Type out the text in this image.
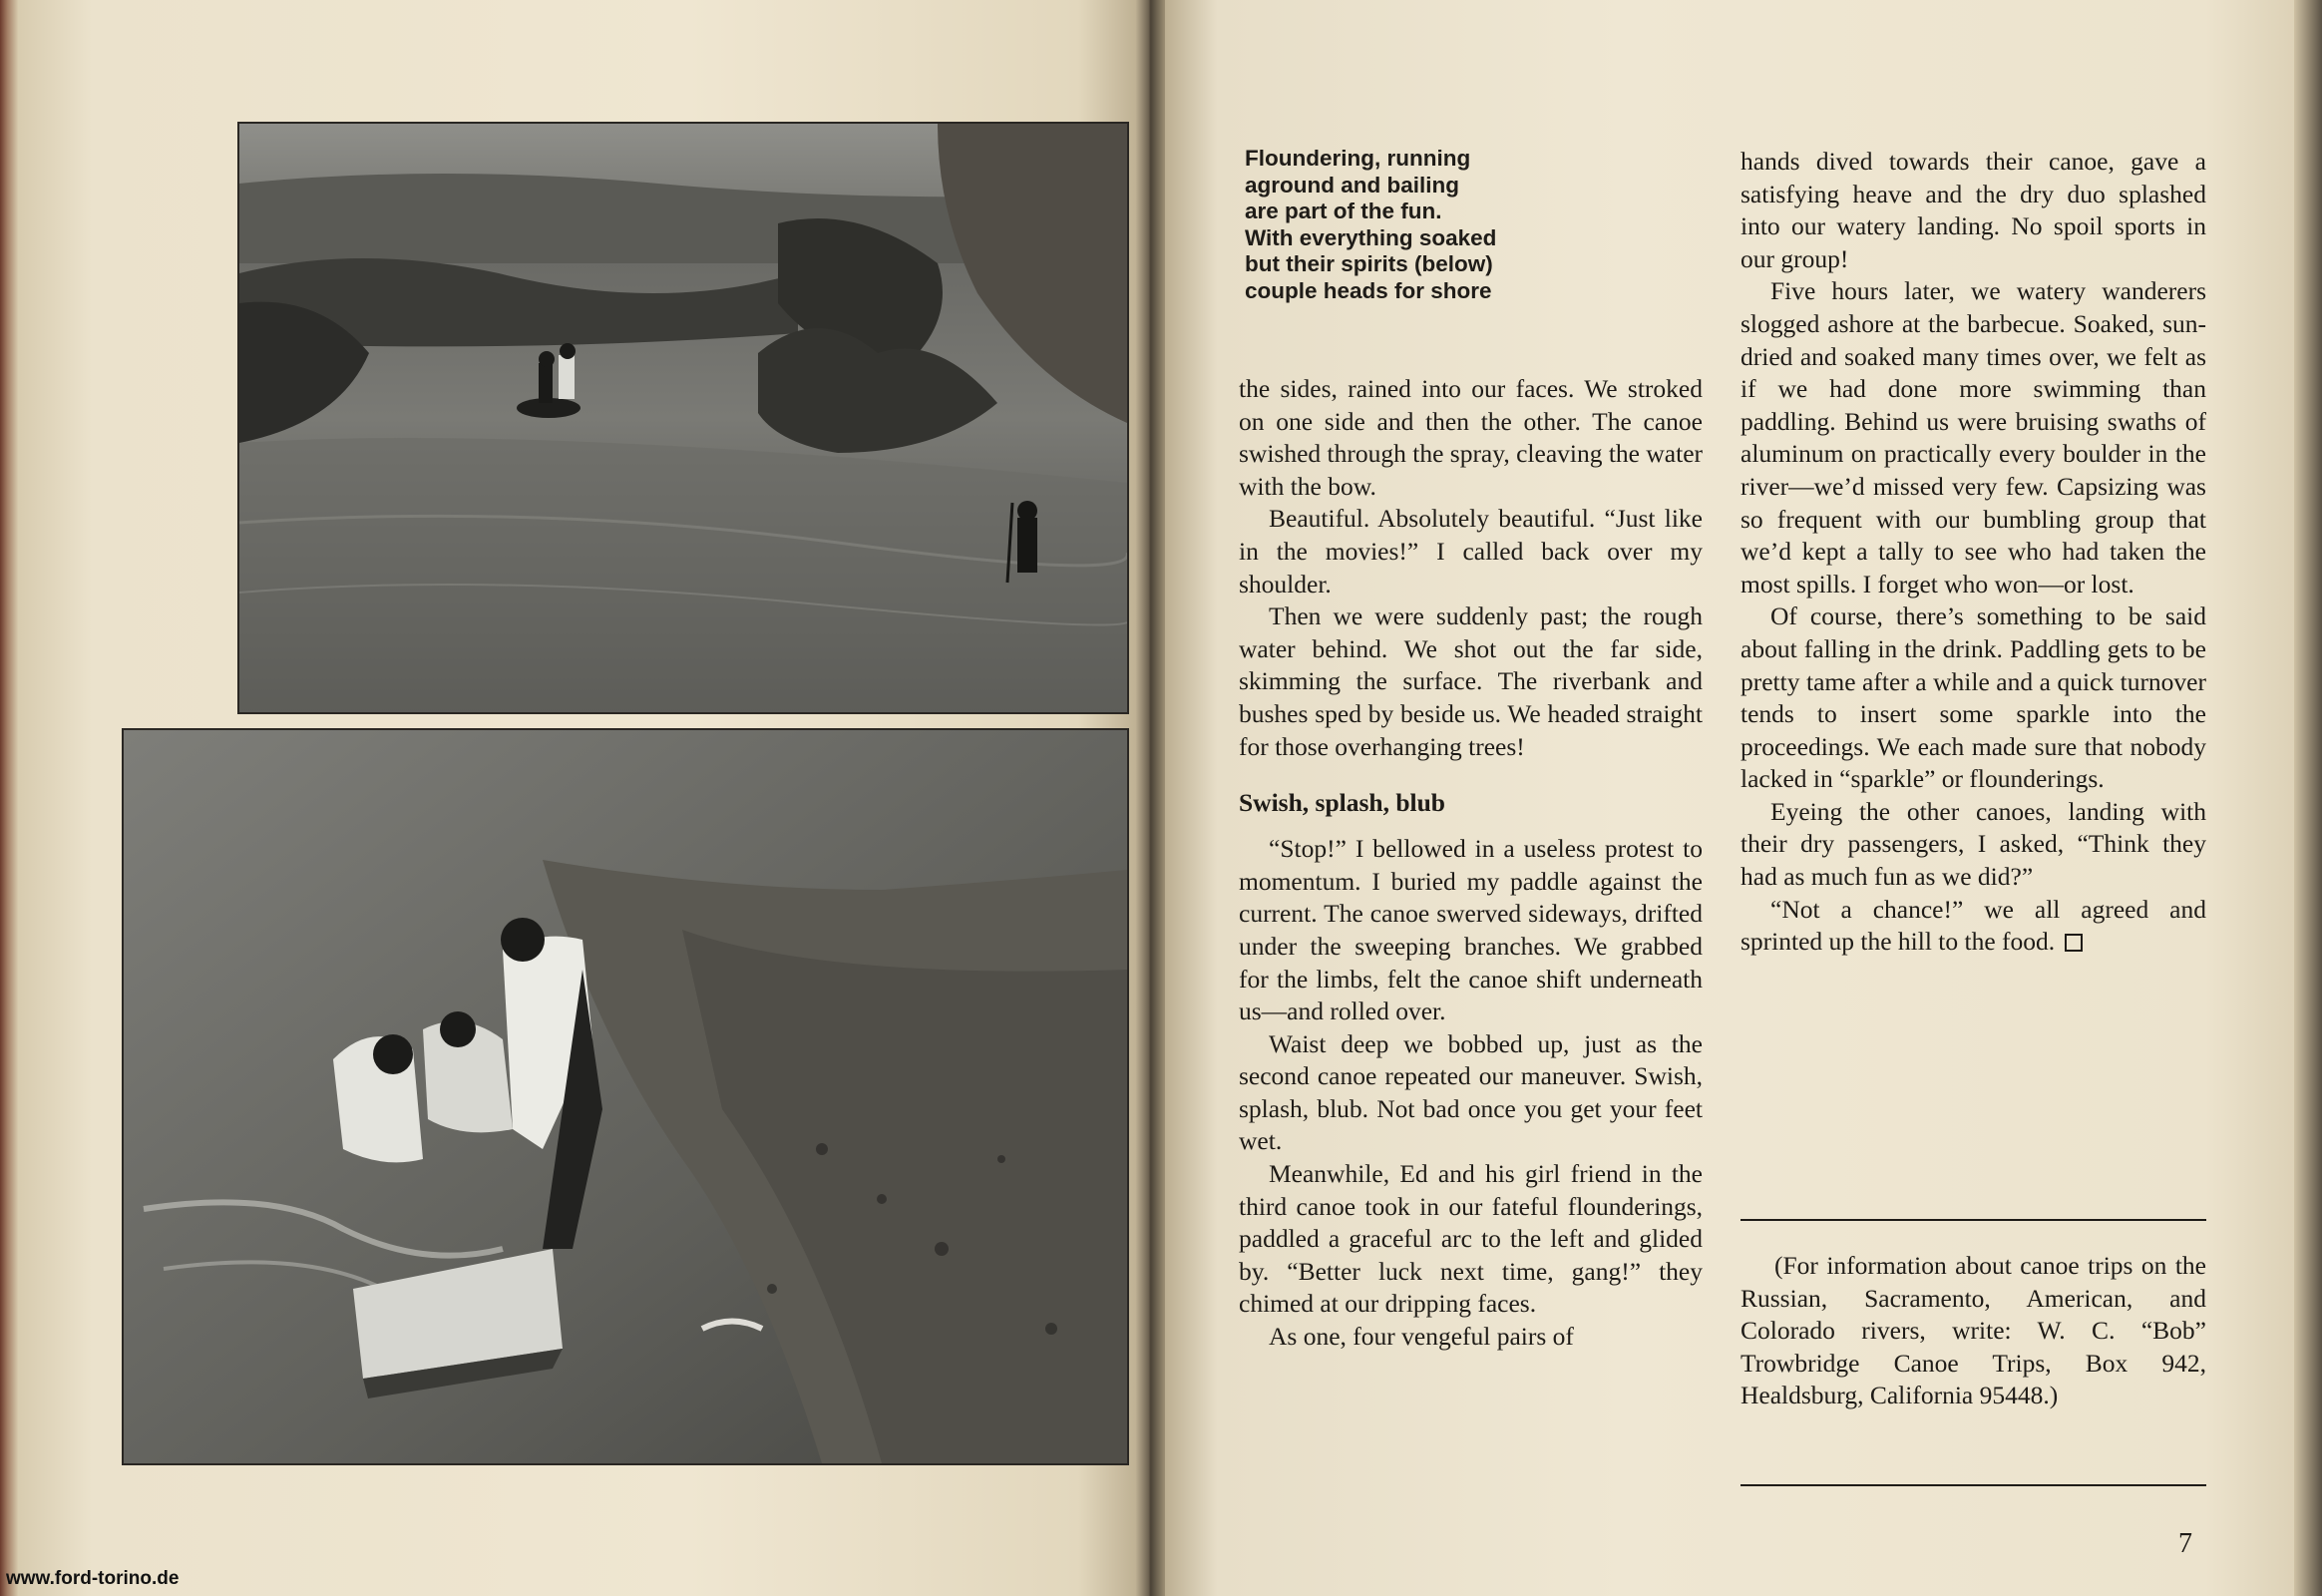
Floundering, running
aground and bailing
are part of the fun.
With everything soaked
but their spirits (below)
couple heads for shore

the sides, rained into our faces. We stroked on one side and then the other. The canoe swished through the spray, cleaving the water with the bow.

Beautiful. Absolutely beautiful. “Just like in the movies!” I called back over my shoulder.

Then we were suddenly past; the rough water behind. We shot out the far side, skimming the surface. The riverbank and bushes sped by beside us. We headed straight for those overhanging trees!

Swish, splash, blub

“Stop!” I bellowed in a useless protest to momentum. I buried my paddle against the current. The canoe swerved sideways, drifted under the sweeping branches. We grabbed for the limbs, felt the canoe shift underneath us—and rolled over.

Waist deep we bobbed up, just as the second canoe repeated our maneuver. Swish, splash, blub. Not bad once you get your feet wet.

Meanwhile, Ed and his girl friend in the third canoe took in our fateful flounderings, paddled a graceful arc to the left and glided by. “Better luck next time, gang!” they chimed at our dripping faces.

As one, four vengeful pairs of

hands dived towards their canoe, gave a satisfying heave and the dry duo splashed into our watery landing. No spoil sports in our group!

Five hours later, we watery wanderers slogged ashore at the barbecue. Soaked, sun-dried and soaked many times over, we felt as if we had done more swimming than paddling. Behind us were bruising swaths of aluminum on practically every boulder in the river—we’d missed very few. Capsizing was so frequent with our bumbling group that we’d kept a tally to see who had taken the most spills. I forget who won—or lost.

Of course, there’s something to be said about falling in the drink. Paddling gets to be pretty tame after a while and a quick turnover tends to insert some sparkle into the proceedings. We each made sure that nobody lacked in “sparkle” or flounderings.

Eyeing the other canoes, landing with their dry passengers, I asked, “Think they had as much fun as we did?”

“Not a chance!” we all agreed and sprinted up the hill to the food.

(For information about canoe trips on the Russian, Sacramento, American, and Colorado rivers, write: W. C. “Bob” Trowbridge Canoe Trips, Box 942, Healdsburg, California 95448.)

7
www.ford-torino.de
